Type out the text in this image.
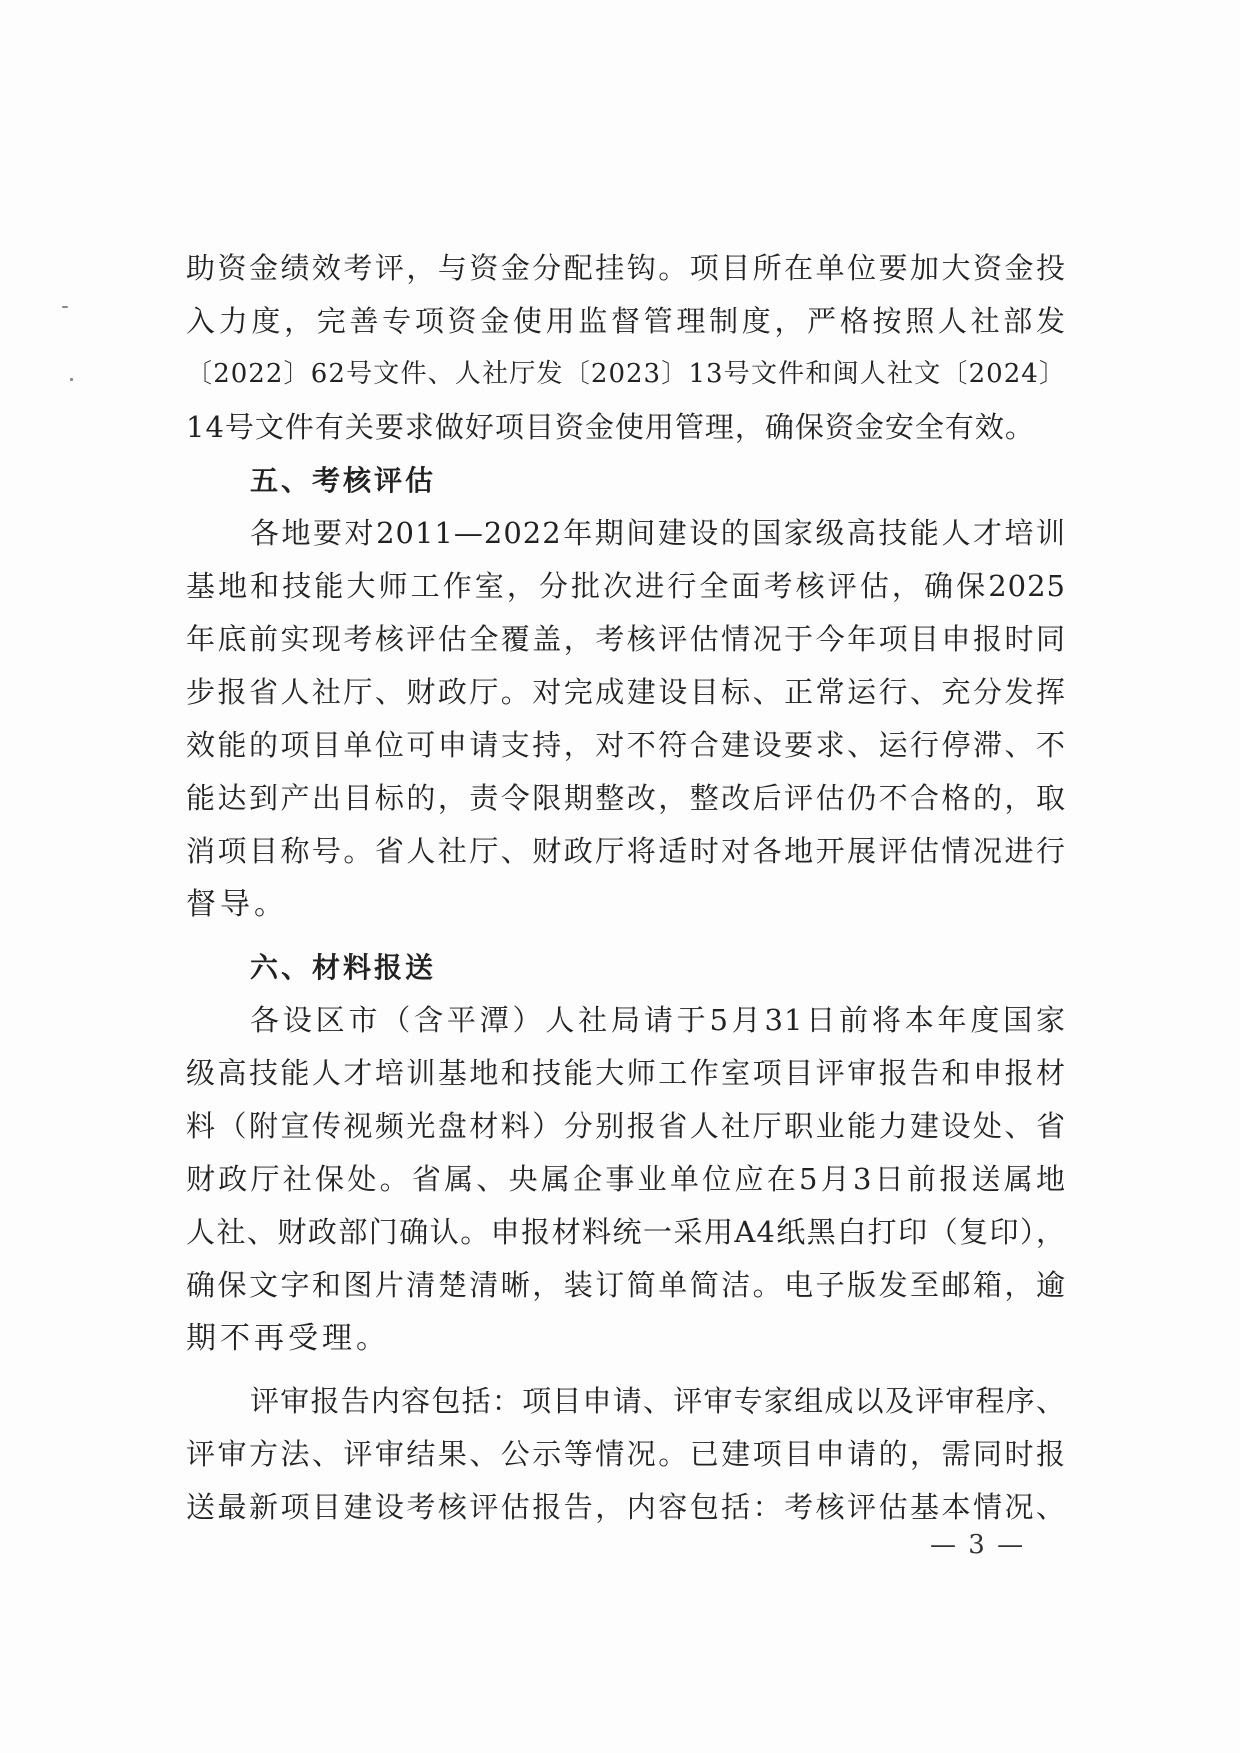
助资金绩效考评，与资金分配挂钩。项目所在单位要加大资金投
入力度，完善专项资金使用监督管理制度，严格按照人社部发
〔2022〕62号文件、人社厅发〔2023〕13号文件和闽人社文〔2024〕
14号文件有关要求做好项目资金使用管理，确保资金安全有效。
五、考核评估
各地要对2011—2022年期间建设的国家级高技能人才培训
基地和技能大师工作室，分批次进行全面考核评估，确保2025
年底前实现考核评估全覆盖，考核评估情况于今年项目申报时同
步报省人社厅、财政厅。对完成建设目标、正常运行、充分发挥
效能的项目单位可申请支持，对不符合建设要求、运行停滞、不
能达到产出目标的，责令限期整改，整改后评估仍不合格的，取
消项目称号。省人社厅、财政厅将适时对各地开展评估情况进行
督导。
六、材料报送
各设区市（含平潭）人社局请于5月31日前将本年度国家
级高技能人才培训基地和技能大师工作室项目评审报告和申报材
料（附宣传视频光盘材料）分别报省人社厅职业能力建设处、省
财政厅社保处。省属、央属企事业单位应在5月3日前报送属地
人社、财政部门确认。申报材料统一采用A4纸黑白打印（复印），
确保文字和图片清楚清晰，装订简单简洁。电子版发至邮箱，逾
期不再受理。
评审报告内容包括：项目申请、评审专家组成以及评审程序、
评审方法、评审结果、公示等情况。已建项目申请的，需同时报
送最新项目建设考核评估报告，内容包括：考核评估基本情况、
— 3 —
